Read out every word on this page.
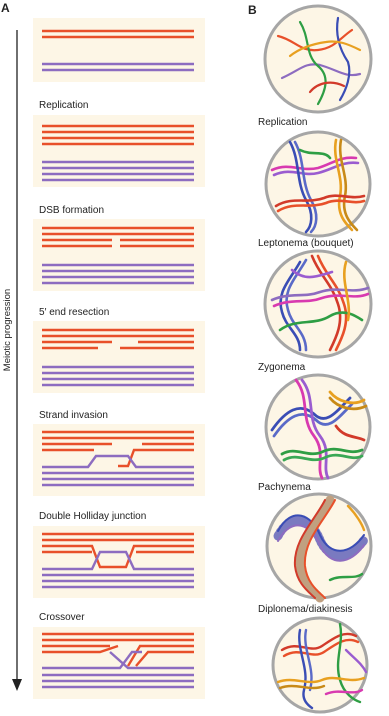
A	B
Meiotic progression
Replication
DSB formation
5′ end resection
Strand invasion
Double Holliday junction
Crossover
Replication
Leptonema (bouquet)
Zygonema
Pachynema
Diplonema/diakinesis
